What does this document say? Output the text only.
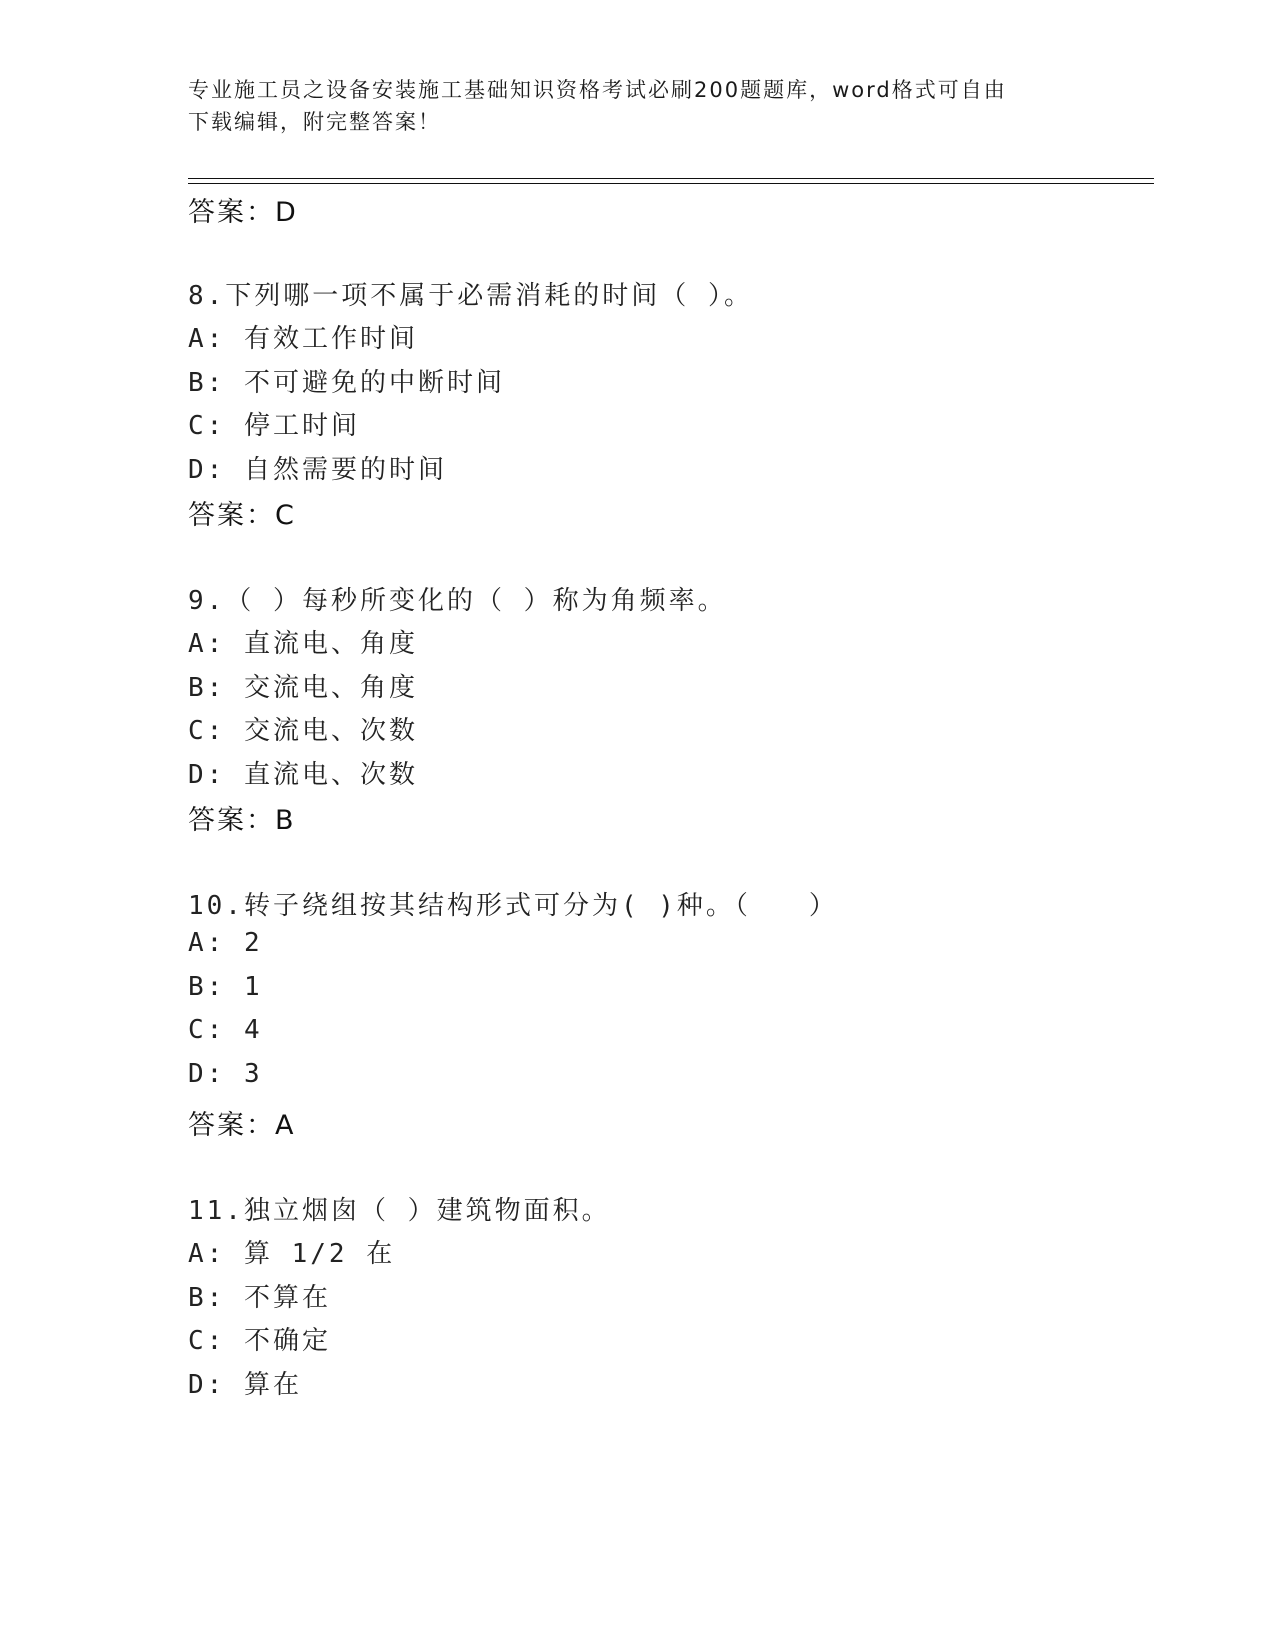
专业施工员之设备安装施工基础知识资格考试必刷200题题库，word格式可自由
下载编辑，附完整答案！
答案：D
8.下列哪一项不属于必需消耗的时间（ ）。
A: 有效工作时间
B: 不可避免的中断时间
C: 停工时间
D: 自然需要的时间
答案：C
9.（ ）每秒所变化的（ ）称为角频率。
A: 直流电、角度
B: 交流电、角度
C: 交流电、次数
D: 直流电、次数
答案：B
10.转子绕组按其结构形式可分为( )种。（　　）
A: 2
B: 1
C: 4
D: 3
答案：A
11.独立烟囱（ ）建筑物面积。
A: 算 1/2 在
B: 不算在
C: 不确定
D: 算在
